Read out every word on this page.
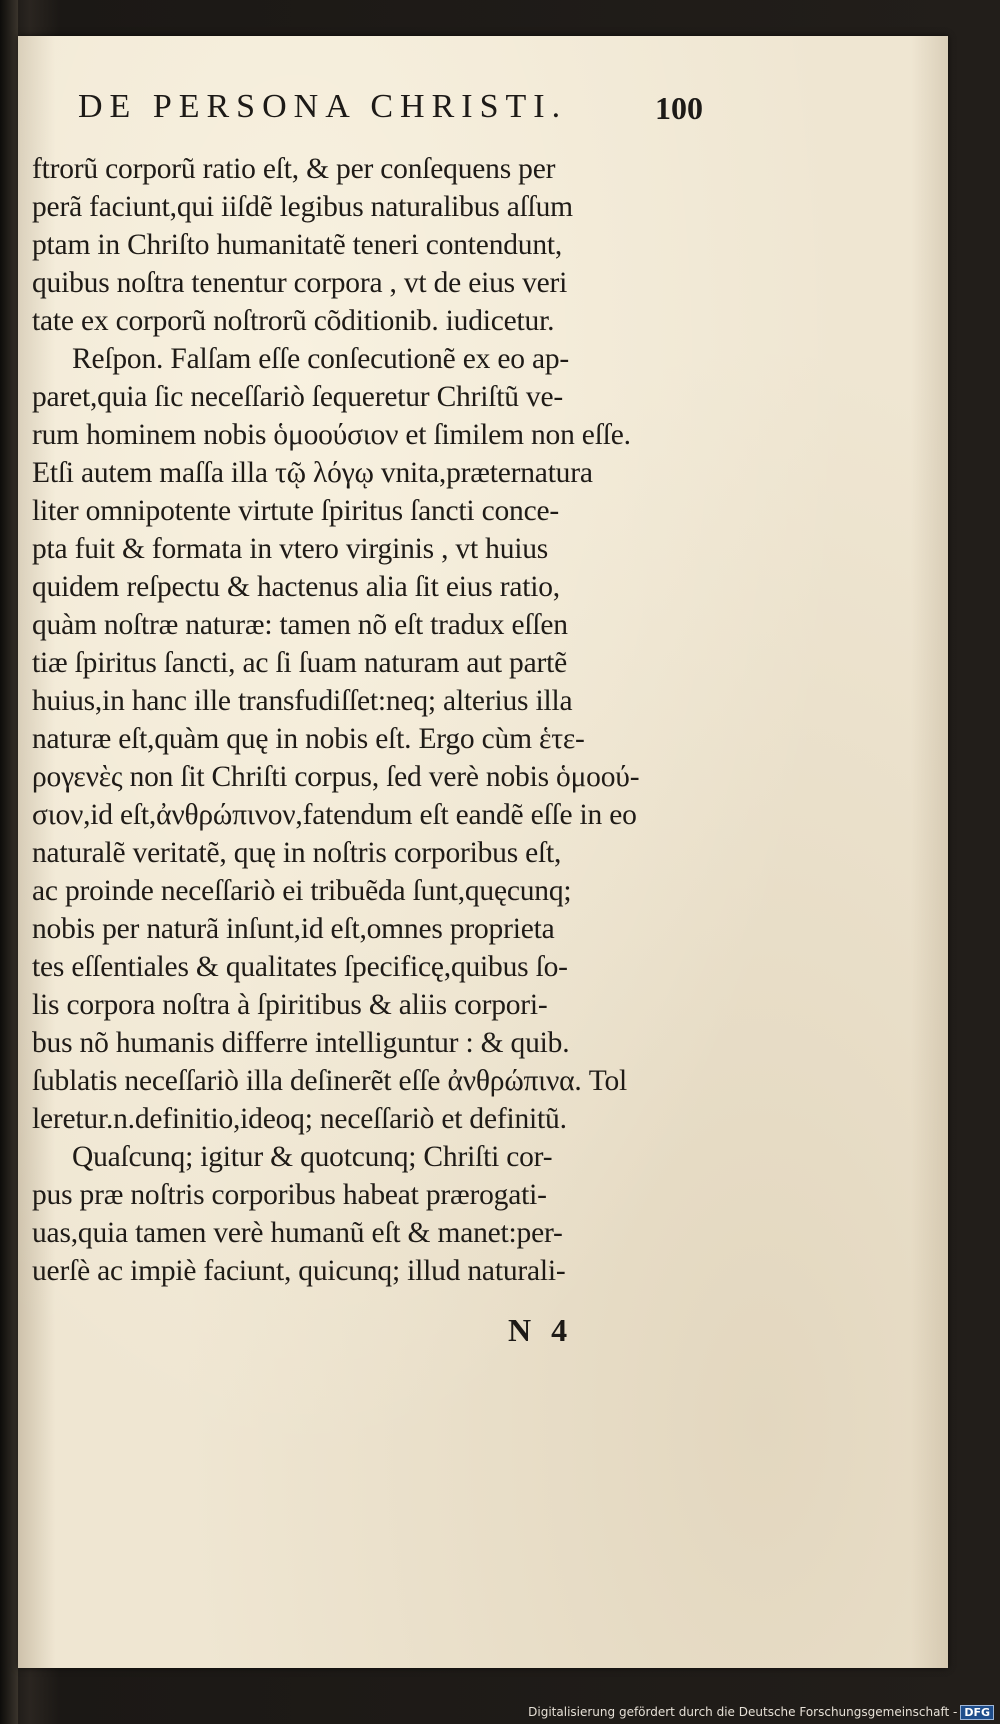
DE PERSONA CHRISTI.	100
ftrorũ corporũ ratio eſt, & per conſequens per
perã faciunt,qui iiſdẽ legibus naturalibus aſſum
ptam in Chriſto humanitatẽ teneri contendunt,
quibus noſtra tenentur corpora , vt de eius veri
tate ex corporũ noſtrorũ cõditionib. iudicetur.
Reſpon. Falſam eſſe conſecutionẽ ex eo ap-
paret,quia ſic neceſſariò ſequeretur Chriſtũ ve-
rum hominem nobis ὁμοούσιον et ſimilem non eſſe.
Etſi autem maſſa illa τῷ λόγῳ vnita,præternatura
liter omnipotente virtute ſpiritus ſancti conce-
pta fuit & formata in vtero virginis , vt huius
quidem reſpectu & hactenus alia ſit eius ratio,
quàm noſtræ naturæ: tamen nõ eſt tradux eſſen
tiæ ſpiritus ſancti, ac ſi ſuam naturam aut partẽ
huius,in hanc ille transfudiſſet:neq; alterius illa
naturæ eſt,quàm quę in nobis eſt. Ergo cùm ἑτε-
ρογενὲς non ſit Chriſti corpus, ſed verè nobis ὁμοού-
σιον,id eſt,ἀνθρώπινον,fatendum eſt eandẽ eſſe in eo
naturalẽ veritatẽ, quę in noſtris corporibus eſt,
ac proinde neceſſariò ei tribuẽda ſunt,quęcunq;
nobis per naturã inſunt,id eſt,omnes proprieta
tes eſſentiales & qualitates ſpecificę,quibus ſo-
lis corpora noſtra à ſpiritibus & aliis corpori-
bus nõ humanis differre intelliguntur : & quib.
ſublatis neceſſariò illa deſinerẽt eſſe ἀνθρώπινα. Tol
leretur.n.definitio,ideoq; neceſſariò et definitũ.
Quaſcunq; igitur & quotcunq; Chriſti cor-
pus præ noſtris corporibus habeat prærogati-
uas,quia tamen verè humanũ eſt & manet:per-
uerſè ac impiè faciunt, quicunq; illud naturali-
N 4
Digitalisierung gefördert durch die Deutsche Forschungsgemeinschaft - DFG
